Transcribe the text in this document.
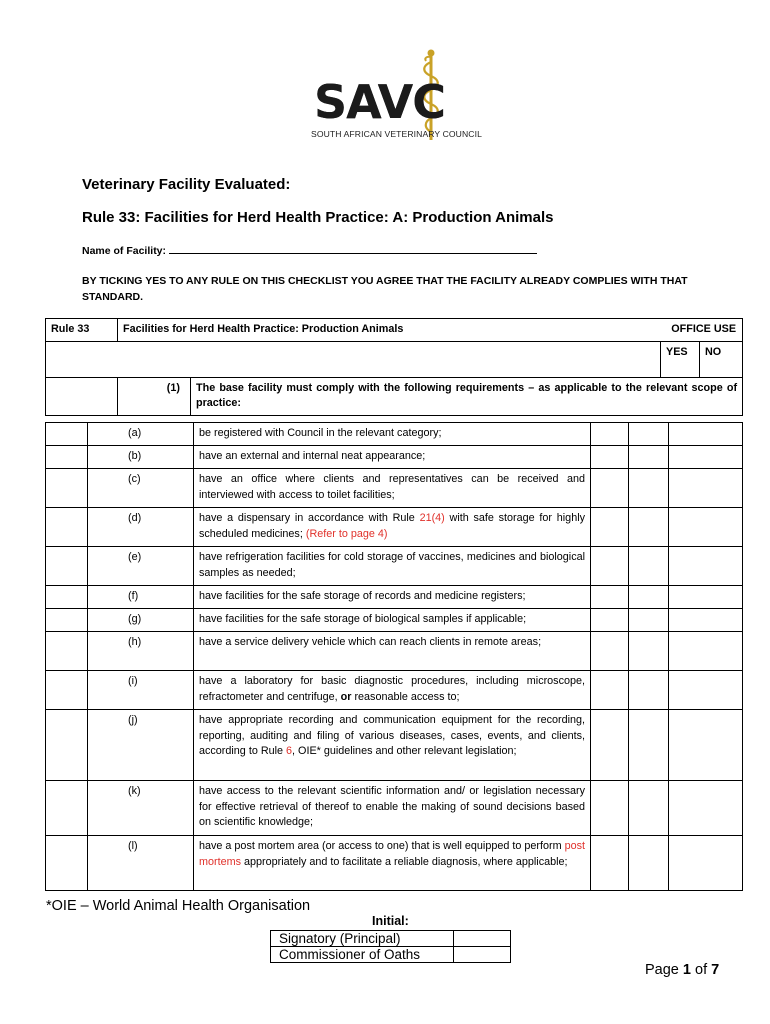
SAVC
SOUTH AFRICAN VETERINARY COUNCIL
Veterinary Facility Evaluated:
Rule 33: Facilities for Herd Health Practice: A: Production Animals
Name of Facility:
BY TICKING YES TO ANY RULE ON THIS CHECKLIST YOU AGREE THAT THE FACILITY ALREADY COMPLIES WITH THAT STANDARD.
Rule 33	Facilities for Herd Health Practice: Production Animals OFFICE USE			

			YES	NO
	(1)	The base facility must comply with the following requirements – as applicable to the relevant scope of practice:		
	(a)	be registered with Council in the relevant category;			
	(b)	have an external and internal neat appearance;			
	(c)	have an office where clients and representatives can be received and interviewed with access to toilet facilities;			
	(d)	have a dispensary in accordance with Rule 21(4) with safe storage for highly scheduled medicines; (Refer to page 4)			
	(e)	have refrigeration facilities for cold storage of vaccines, medicines and biological samples as needed;			
	(f)	have facilities for the safe storage of records and medicine registers;			
	(g)	have facilities for the safe storage of biological samples if applicable;			
	(h)	have a service delivery vehicle which can reach clients in remote areas;			
	(i)	have a laboratory for basic diagnostic procedures, including microscope, refractometer and centrifuge, or reasonable access to;			
	(j)	have appropriate recording and communication equipment for the recording, reporting, auditing and filing of various diseases, cases, events, and clients, according to Rule 6, OIE* guidelines and other relevant legislation;			
	(k)	have access to the relevant scientific information and/ or legislation necessary for effective retrieval of thereof to enable the making of sound decisions based on scientific knowledge;			
	(l)	have a post mortem area (or access to one) that is well equipped to perform post mortems appropriately and to facilitate a reliable diagnosis, where applicable;			
*OIE – World Animal Health Organisation
Initial:
Signatory (Principal)	
Commissioner of Oaths	
Page 1 of 7
